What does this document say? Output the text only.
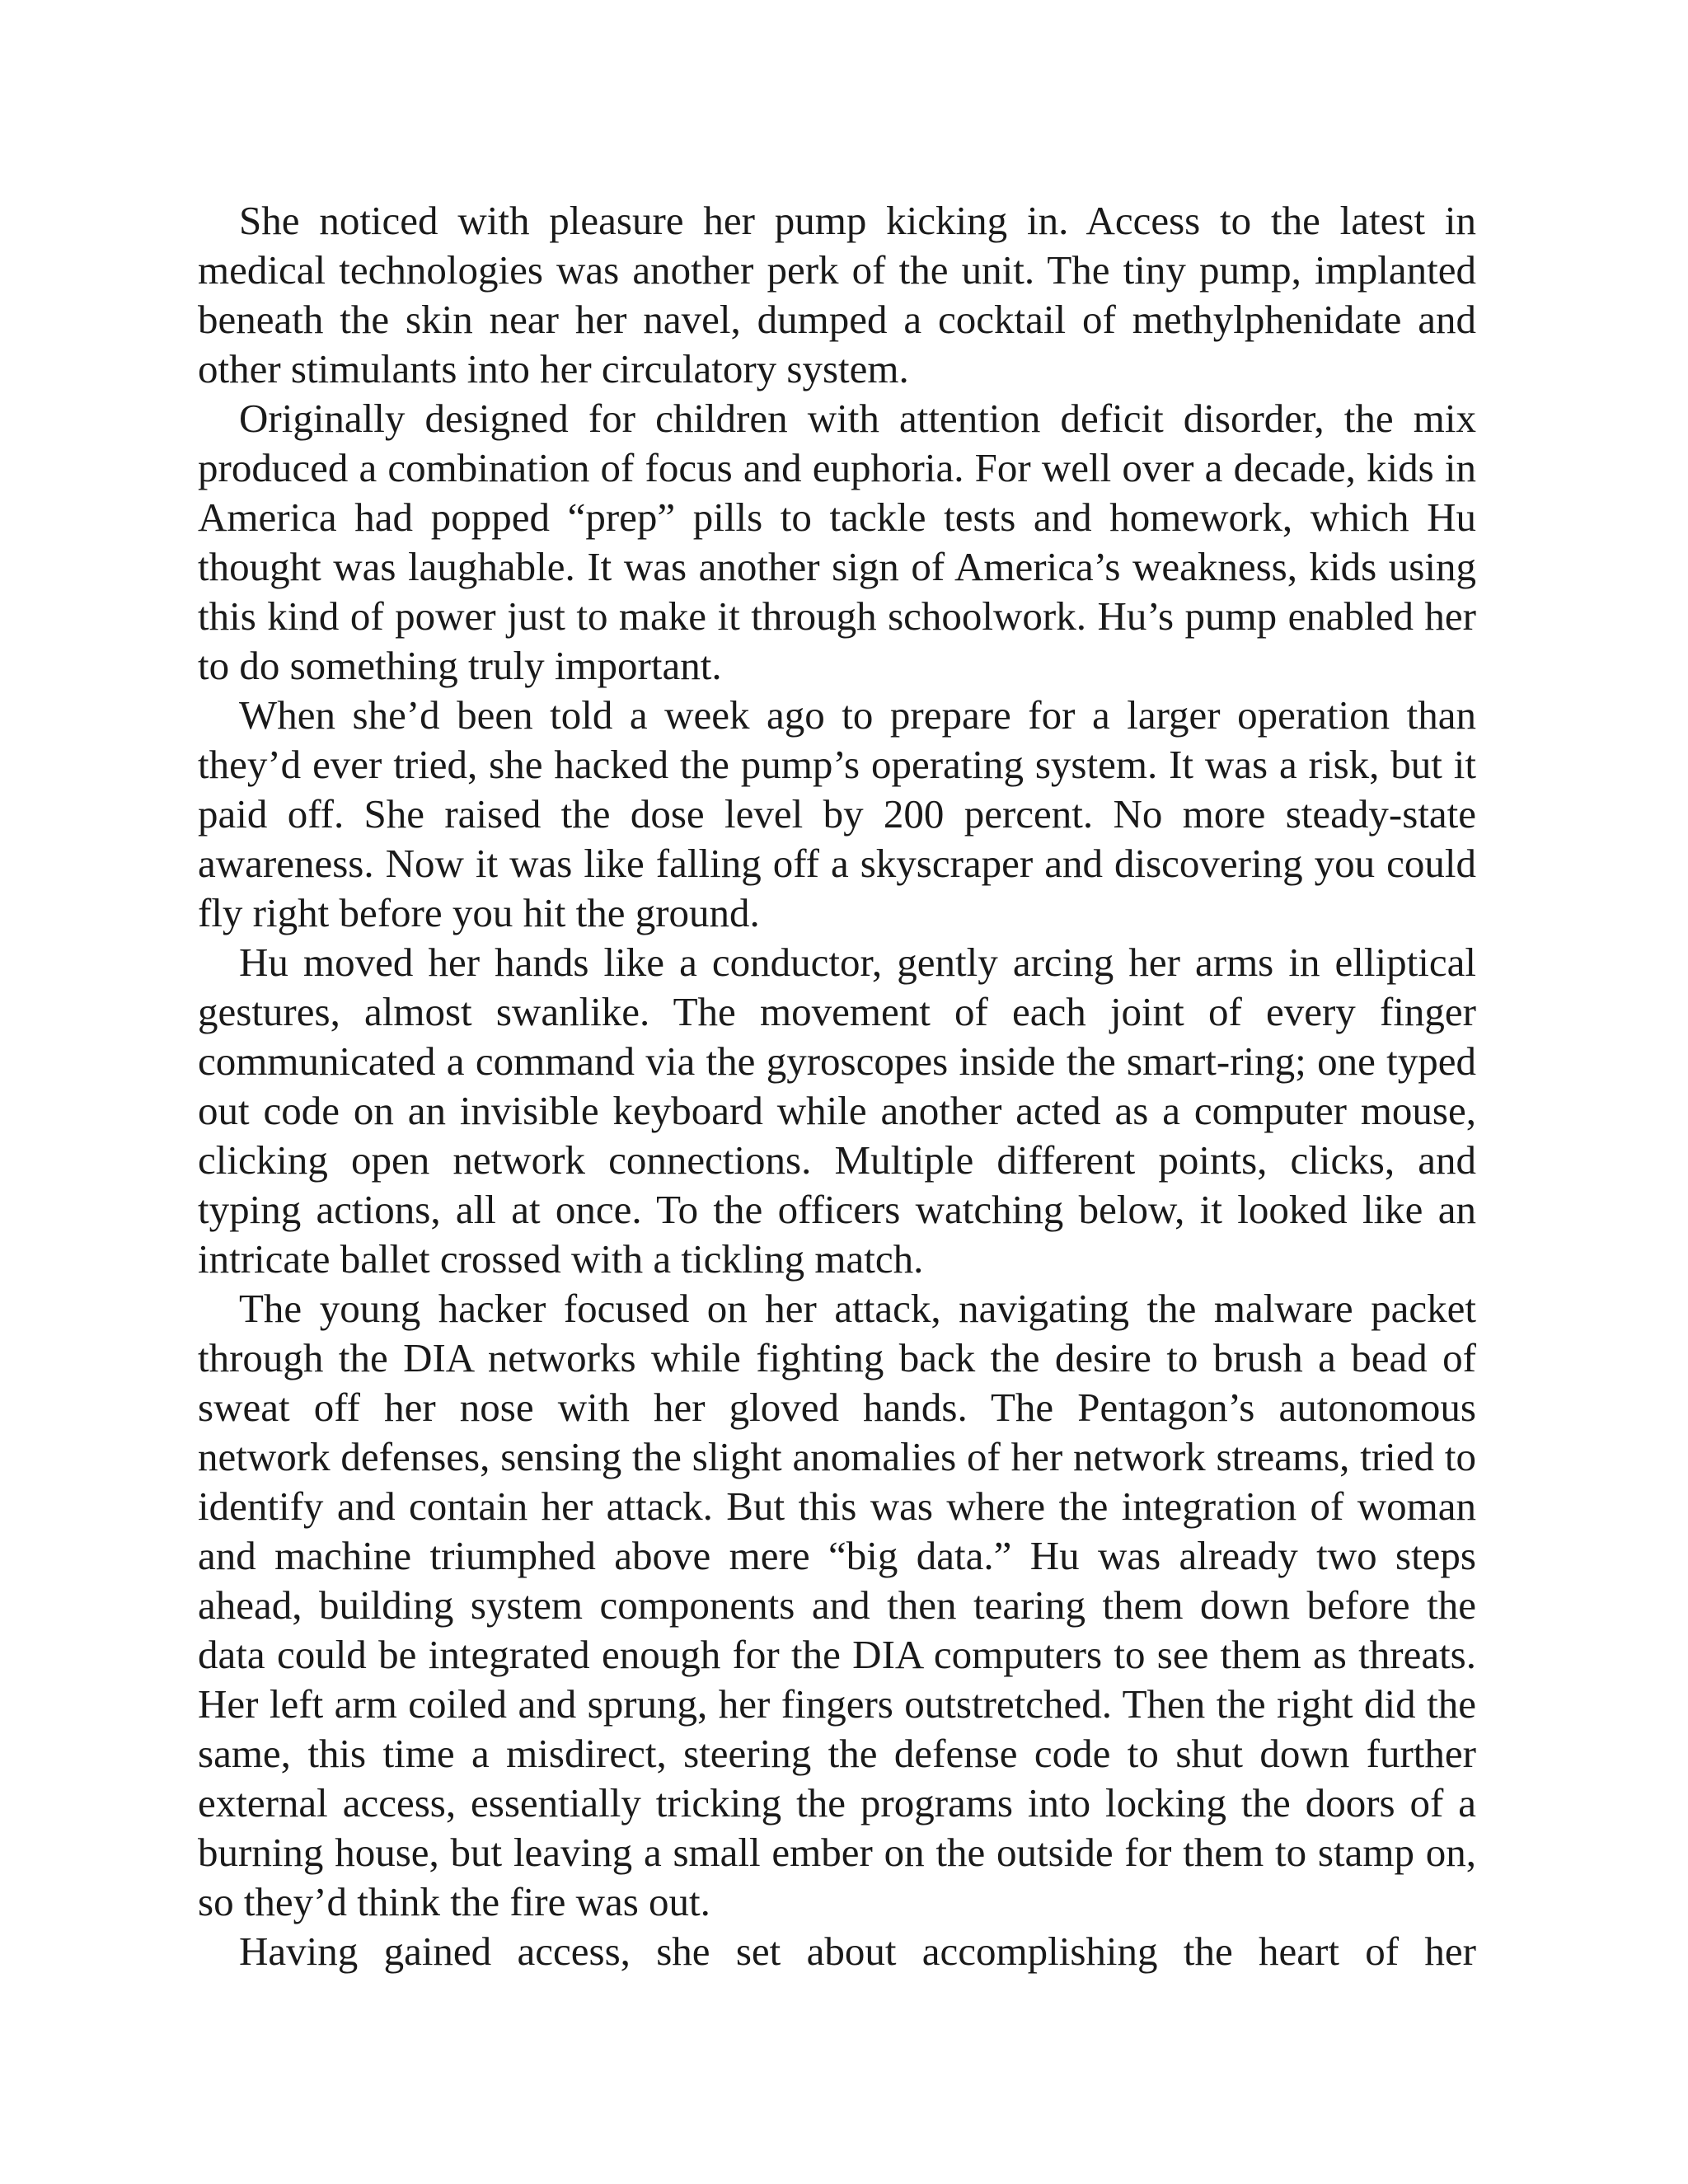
She noticed with pleasure her pump kicking in. Access to the latest in medical technologies was another perk of the unit. The tiny pump, implanted beneath the skin near her navel, dumped a cocktail of methylphenidate and other stimulants into her circulatory system.

Originally designed for children with attention deficit disorder, the mix produced a combination of focus and euphoria. For well over a decade, kids in America had popped “prep” pills to tackle tests and homework, which Hu thought was laughable. It was another sign of America’s weakness, kids using this kind of power just to make it through schoolwork. Hu’s pump enabled her to do something truly important.

When she’d been told a week ago to prepare for a larger operation than they’d ever tried, she hacked the pump’s operating system. It was a risk, but it paid off. She raised the dose level by 200 percent. No more steady-state awareness. Now it was like falling off a skyscraper and discovering you could fly right before you hit the ground.

Hu moved her hands like a conductor, gently arcing her arms in elliptical gestures, almost swanlike. The movement of each joint of every finger communicated a command via the gyroscopes inside the smart-ring; one typed out code on an invisible keyboard while another acted as a computer mouse, clicking open network connections. Multiple different points, clicks, and typing actions, all at once. To the officers watching below, it looked like an intricate ballet crossed with a tickling match.

The young hacker focused on her attack, navigating the malware packet through the DIA networks while fighting back the desire to brush a bead of sweat off her nose with her gloved hands. The Pentagon’s autonomous network defenses, sensing the slight anomalies of her network streams, tried to identify and contain her attack. But this was where the integration of woman and machine triumphed above mere “big data.” Hu was already two steps ahead, building system components and then tearing them down before the data could be integrated enough for the DIA computers to see them as threats. Her left arm coiled and sprung, her fingers outstretched. Then the right did the same, this time a misdirect, steering the defense code to shut down further external access, essentially tricking the programs into locking the doors of a burning house, but leaving a small ember on the outside for them to stamp on, so they’d think the fire was out.

Having gained access, she set about accomplishing the heart of her
